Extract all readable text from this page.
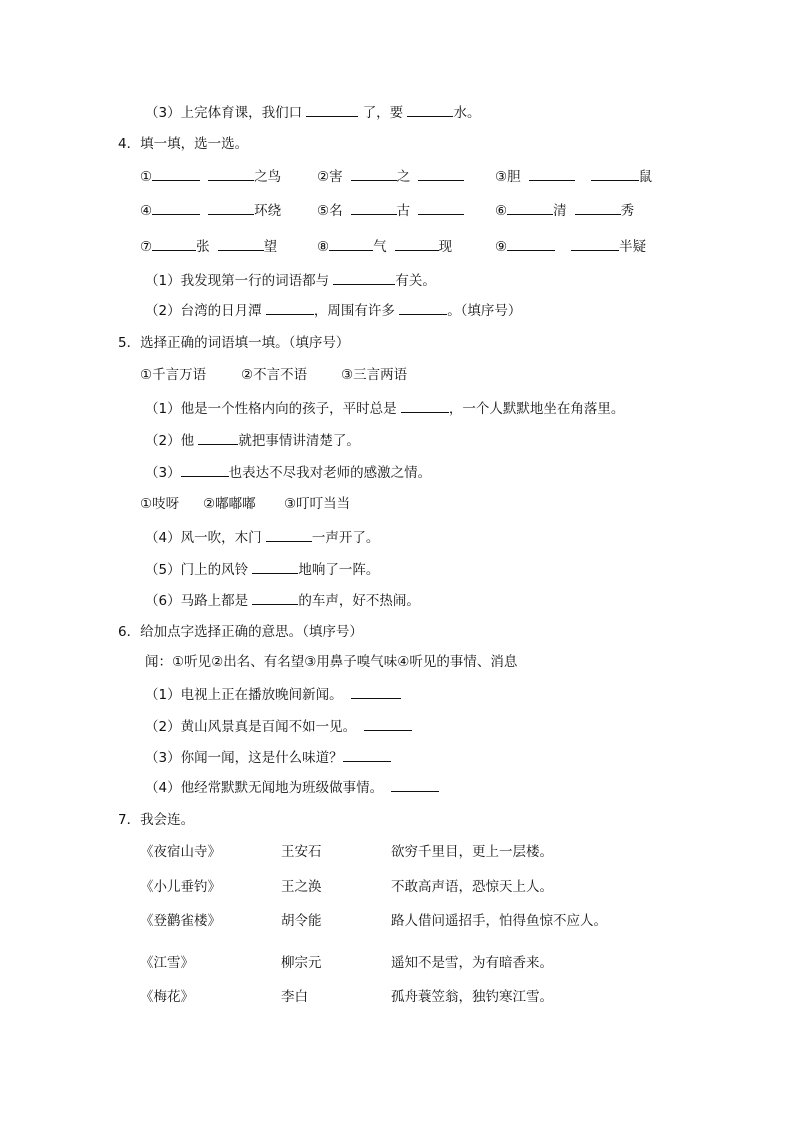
（3）上完体育课，我们口	了，要	水。
4．填一填，选一选。
①	之鸟	②害	之	③胆	鼠
④	环绕	⑤名	古	⑥	清	秀
⑦	张	望	⑧	气	现	⑨	半疑
（1）我发现第一行的词语都与	有关。
（2）台湾的日月潭	，周围有许多	。（填序号）
5．选择正确的词语填一填。（填序号）
①千言万语	②不言不语	③三言两语
（1）他是一个性格内向的孩子，平时总是	，一个人默默地坐在角落里。
（2）他	就把事情讲清楚了。
（3）	也表达不尽我对老师的感激之情。
①吱呀 ②嘟嘟嘟 ③叮叮当当
（4）风一吹，木门	一声开了。
（5）门上的风铃	地响了一阵。
（6）马路上都是	的车声，好不热闹。
6．给加点字选择正确的意思。（填序号）
闻：①听见②出名、有名望③用鼻子嗅气味④听见的事情、消息
（1）电视上正在播放晚间新闻。
（2）黄山风景真是百闻不如一见。
（3）你闻一闻，这是什么味道？
（4）他经常默默无闻地为班级做事情。
7．我会连。
《夜宿山寺》	王安石	欲穷千里目，更上一层楼。
《小儿垂钓》	王之涣	不敢高声语，恐惊天上人。
《登鹳雀楼》	胡令能	路人借问遥招手，怕得鱼惊不应人。
《江雪》	柳宗元	遥知不是雪，为有暗香来。
《梅花》	李白	孤舟蓑笠翁，独钓寒江雪。
